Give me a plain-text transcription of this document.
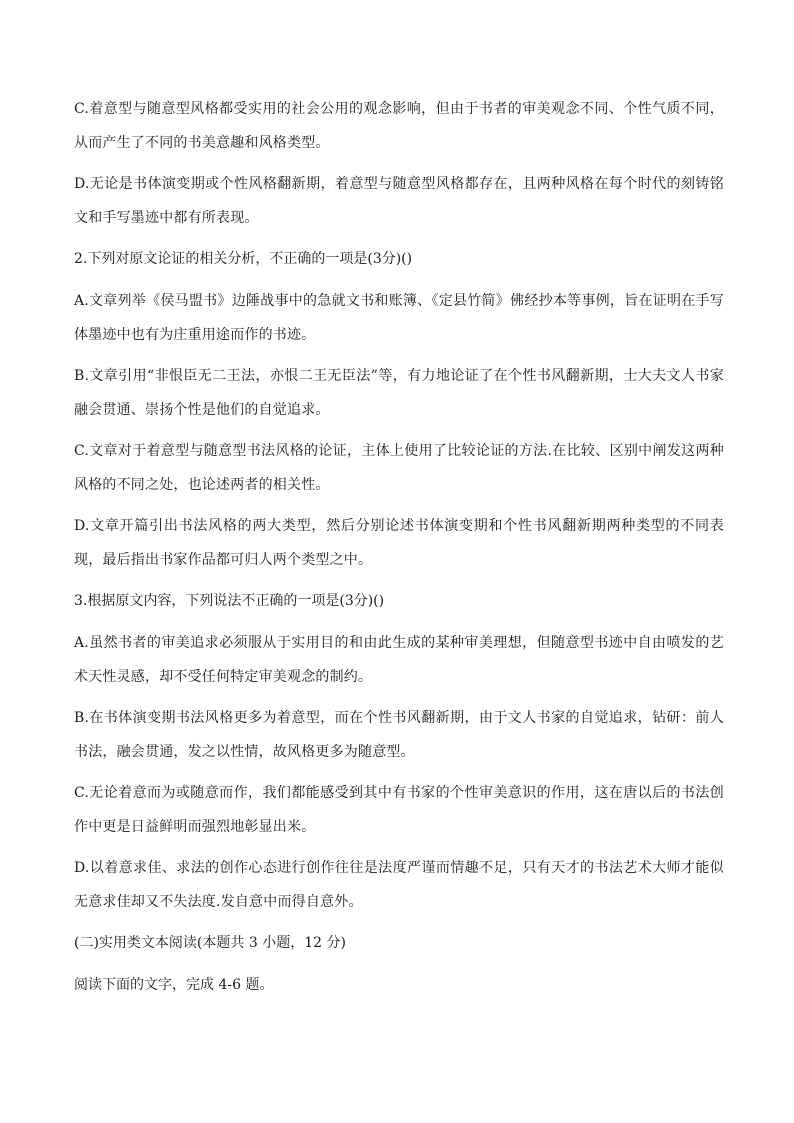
C.着意型与随意型风格都受实用的社会公用的观念影响，但由于书者的审美观念不同、个性气质不同，从而产生了不同的书美意趣和风格类型。

D.无论是书体演变期或个性风格翻新期，着意型与随意型风格都存在，且两种风格在每个时代的刻铸铭文和手写墨迹中都有所表现。

2.下列对原文论证的相关分析，不正确的一项是(3分)()

A.文章列举《侯马盟书》边陲战事中的急就文书和账簿、《定县竹简》佛经抄本等事例，旨在证明在手写体墨迹中也有为庄重用途而作的书迹。

B.文章引用“非恨臣无二王法，亦恨二王无臣法”等，有力地论证了在个性书风翻新期，士大夫文人书家融会贯通、崇扬个性是他们的自觉追求。

C.文章对于着意型与随意型书法风格的论证，主体上使用了比较论证的方法.在比较、区别中阐发这两种风格的不同之处，也论述两者的相关性。

D.文章开篇引出书法风格的两大类型，然后分别论述书体演变期和个性书风翻新期两种类型的不同表现，最后指出书家作品都可归人两个类型之中。

3.根据原文内容，下列说法不正确的一项是(3分)()

A.虽然书者的审美追求必须服从于实用目的和由此生成的某种审美理想，但随意型书迹中自由喷发的艺术天性灵感，却不受任何特定审美观念的制约。

B.在书体演变期书法风格更多为着意型，而在个性书风翻新期，由于文人书家的自觉追求，钻研：前人书法，融会贯通，发之以性情，故风格更多为随意型。

C.无论着意而为或随意而作，我们都能感受到其中有书家的个性审美意识的作用，这在唐以后的书法创作中更是日益鲜明而强烈地彰显出米。

D.以着意求佳、求法的创作心态进行创作往往是法度严谨而情趣不足，只有天才的书法艺术大师才能似无意求佳却又不失法度.发自意中而得自意外。

(二)实用类文本阅读(本题共 3 小题，12 分)

阅读下面的文字，完成 4-6 题。
